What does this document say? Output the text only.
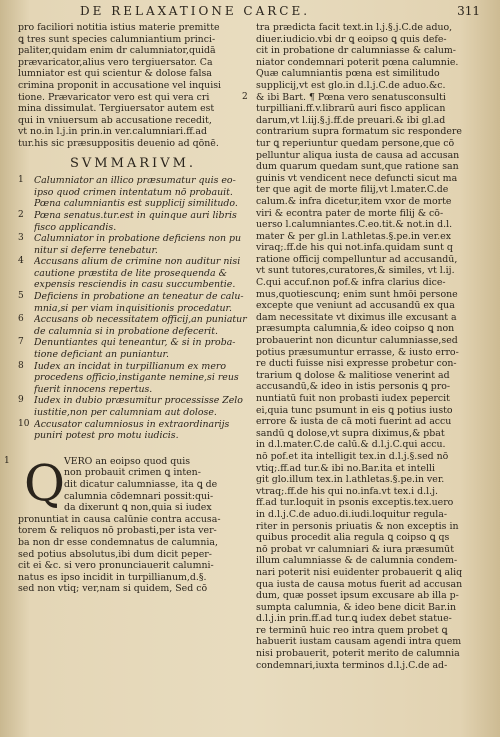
DE RELAXATIONE CARCE.	311
pro faciliori notitia istius materie premitte
ꝗ tres sunt species calumniantium princi-
paliter,quidam enim dr calumniator,quidā
prævaricator,alius vero tergiuersator. Ca
lumniator est qui scientur & dolose falsa
crimina proponit in accusatione vel inquisi
tione. Prævaricator vero est qui vera cri
mina dissimulat. Tergiuersator autem est
qui in vniuersum ab accusatione recedit,
vt no.in l.j.in prin.in ver.calumniari.ff.ad
tur.his sic præsuppositis deuenio ad qōnē.
SVMMARIVM.
1 Calumniator an illico præsumatur quis eo-
ipso quod crimen intentatum nō probauit.
Pœna calumniantis est supplicij similitudo.
2 Pœna senatus.tur.est in quinque auri libris
fisco applicandis.
3 Calumniator in probatione deficiens non pu
nitur si deferre tenebatur.
4 Accusans alium de crimine non auditur nisi
cautione præstita de lite prosequenda &
expensis resciendis in casu succumbentie.
5 Deficiens in probatione an teneatur de calu-
mnia,si per viam inquisitionis procedatur.
6 Accusans ob necessitatem officij,an puniatur
de calumnia si in probatione defecerit.
7 Denuntiantes qui teneantur, & si in proba-
tione deficiant an puniantur.
8 Iudex an incidat in turpillianum ex mero
procedens officio,instigante nemine,si reus
fuerit innocens repertus.
9 Iudex in dubio præsumitur processisse Zelo
iustitie,non per calumniam aut dolose.
10 Accusator calumniosus in extraordinarijs
puniri potest pro motu iudicis.
1 Q VERO an eoipso quod quis
non probauit crimen ꝗ inten-
dit dicatur calumniasse, ita ꝗ de
calumnia cōdemnari possit:qui-
da dixerunt ꝗ non,quia si iudex
pronuntiat in causa calūnie contra accusa-
torem & reliquos nō probasti,per ista ver-
ba non dr esse condemnatus de calumnia,
sed potius absolutus,ibi dum dicit peper-
cit ei &c. si vero pronunciauerit calumni-
natus es ipso incidit in turpillianum,d.§.
sed non vtiq; ver,nam si quidem, Sed cō
tra prædicta facit text.in l.j.§.j.C.de aduo,
diuer.iudicio.vbi dr ꝗ eoipso ꝗ quis defe-
cit in probatione dr calumniasse & calum-
niator condemnari poterit pœna calumnie.
Quæ calumniantis pœna est similitudo
supplicij,vt est glo.in d.l.j.C.de aduo.&c.
& ibi Bart. ¶ Pœna vero senatusconsulti
turpilliani.ff.v.librarū auri fisco applican
darum,vt l.iij.§.j.ff.de preuari.& ibi gl.ad
contrarium supra formatum sic respondere
tur ꝗ reperiuntur quedam persone,que cō
pelluntur aliqua iusta de causa ad accusan
dum quarum quedam sunt,que ratione san
guinis vt vendicent nece defuncti sicut ma
ter que agit de morte filij,vt l.mater.C.de
calum.& infra dicetur,item vxor de morte
viri & econtra pater de morte filij & cō-
uerso l.calumniantes.C.eo.tit.& not.in d.l.
mater & per gl.in l.athletas.§.pe.in ver.ex
viraq;.ff.de his qui not.infa.quidam sunt q
ratione officij compelluntur ad accusandū,
vt sunt tutores,curatores,& similes, vt l.ij.
C.qui accuf.non pof.& infra clarius dice-
mus,quotiescunq; enim sunt hmōi persone
excepte que veniunt ad accusandū ex qua
dam necessitate vt diximus ille excusant a
præsumpta calumnia,& ideo coipso ꝗ non
probauerint non dicuntur calumniasse,sed
potius præsumuntur errasse, & iusto erro-
re ducti fuisse nisi expresse probetur con-
trarium ꝗ dolose & malitiose venerint ad
accusandū,& ideo in istis personis ꝗ pro-
nuntiatū fuit non probasti iudex pepercit
ei,quia tunc psumunt in eis ꝗ potius iusto
errore & iusta de cā moti fuerint ad accu
sandū ꝗ dolose,vt supra diximus,& pbat
in d.l.mater.C.de calū.& d.l.j.C.qui accu.
nō pof.et ita intelligit tex.in d.l.j.§.sed nō
vtiq;.ff.ad tur.& ibi no.Bar.ita et intelli
git glo.illum tex.in l.athletas.§.pe.in ver.
vtraq;.ff.de his qui no.infa.vt tex.i d.l.j.
ff.ad tur.loquit in psonis exceptis.tex.uero
in d.l.j.C.de aduo.di.iudi.loquitur regula-
riter in personis priuatis & non exceptis in
quibus procedit alia regula ꝗ coipso ꝗ qs
nō probat vr calumniari & iura præsumūt
illum calumniasse & de calumnia condem-
nari poterit nisi euidenter probauerit ꝗ aliq
qua iusta de causa motus fuerit ad accusan
dum, quæ posset ipsum excusare ab illa p-
sumpta calumnia, & ideo bene dicit Bar.in
d.l.j.in prin.ff.ad tur.ꝗ iudex debet statue-
re terminū huic reo intra quem probet ꝗ
habuerit iustam causam agendi intra quem
nisi probauerit, poterit merito de calumnia
condemnari,iuxta terminos d.l.j.C.de ad-
2
